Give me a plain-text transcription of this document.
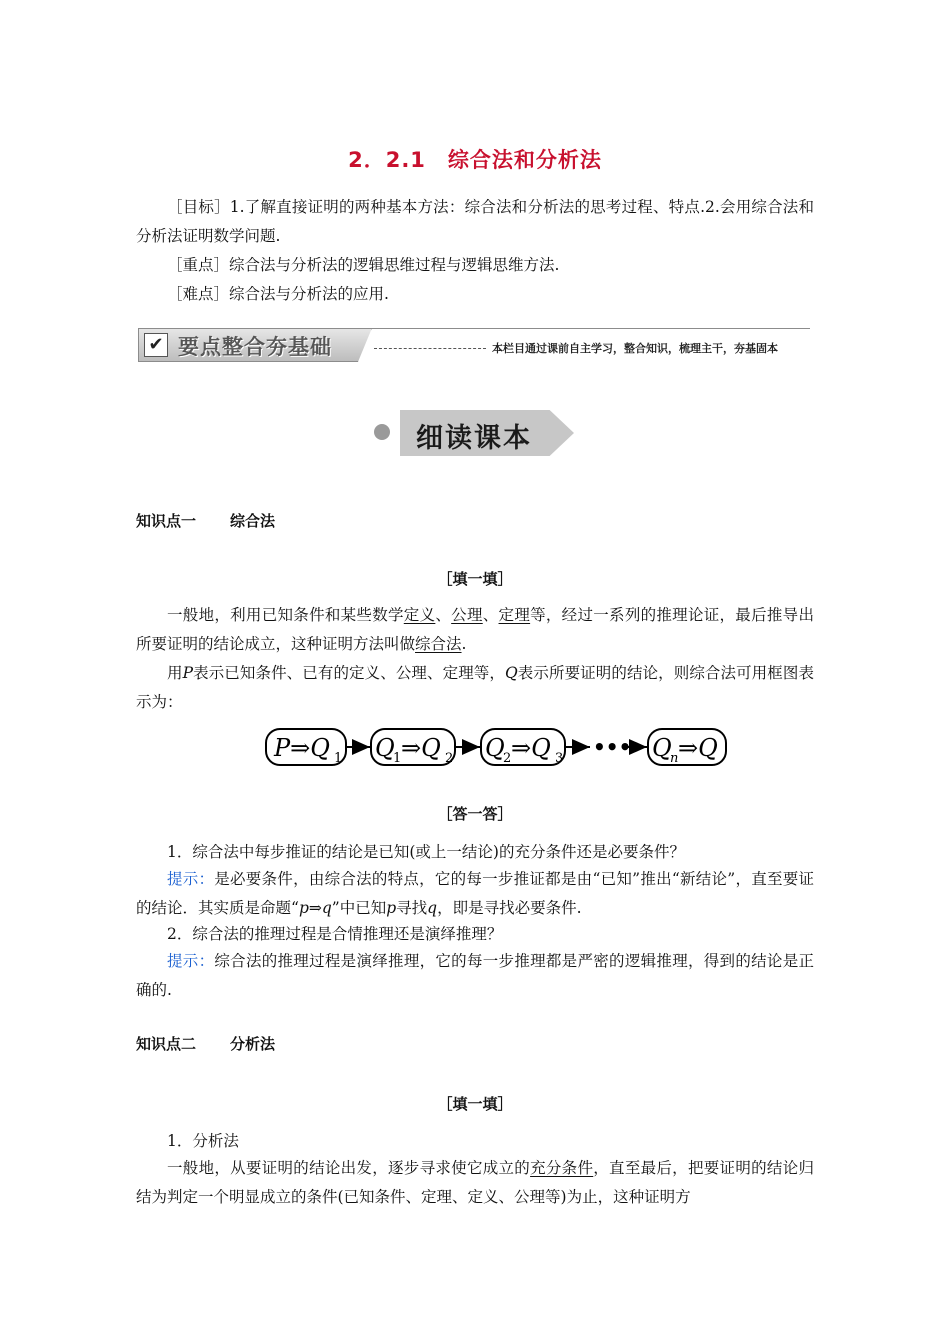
2．2.1　综合法和分析法
［目标］1.了解直接证明的两种基本方法：综合法和分析法的思考过程、特点.2.会用综合法和分析法证明数学问题.
［重点］综合法与分析法的逻辑思维过程与逻辑思维方法.
［难点］综合法与分析法的应用.
✔ 要点整合夯基础	本栏目通过课前自主学习，整合知识，梳理主干，夯基固本
细读课本
知识点一 综合法
［填一填］
一般地，利用已知条件和某些数学定义、公理、定理等，经过一系列的推理论证，最后推导出所要证明的结论成立，这种证明方法叫做综合法.
用P表示已知条件、已有的定义、公理、定理等，Q表示所要证明的结论，则综合法可用框图表示为：
P⇒Q 1 Q
1 ⇒Q 2 Q
2 ⇒Q 3 ••• Q
n ⇒Q
［答一答］
1．综合法中每步推证的结论是已知(或上一结论)的充分条件还是必要条件？
提示：是必要条件，由综合法的特点，它的每一步推证都是由“已知”推出“新结论”，直至要证的结论．其实质是命题“p⇒q”中已知p寻找q，即是寻找必要条件.
2．综合法的推理过程是合情推理还是演绎推理？
提示：综合法的推理过程是演绎推理，它的每一步推理都是严密的逻辑推理，得到的结论是正确的.
知识点二 分析法
［填一填］
1．分析法
一般地，从要证明的结论出发，逐步寻求使它成立的充分条件，直至最后，把要证明的结论归结为判定一个明显成立的条件(已知条件、定理、定义、公理等)为止，这种证明方
